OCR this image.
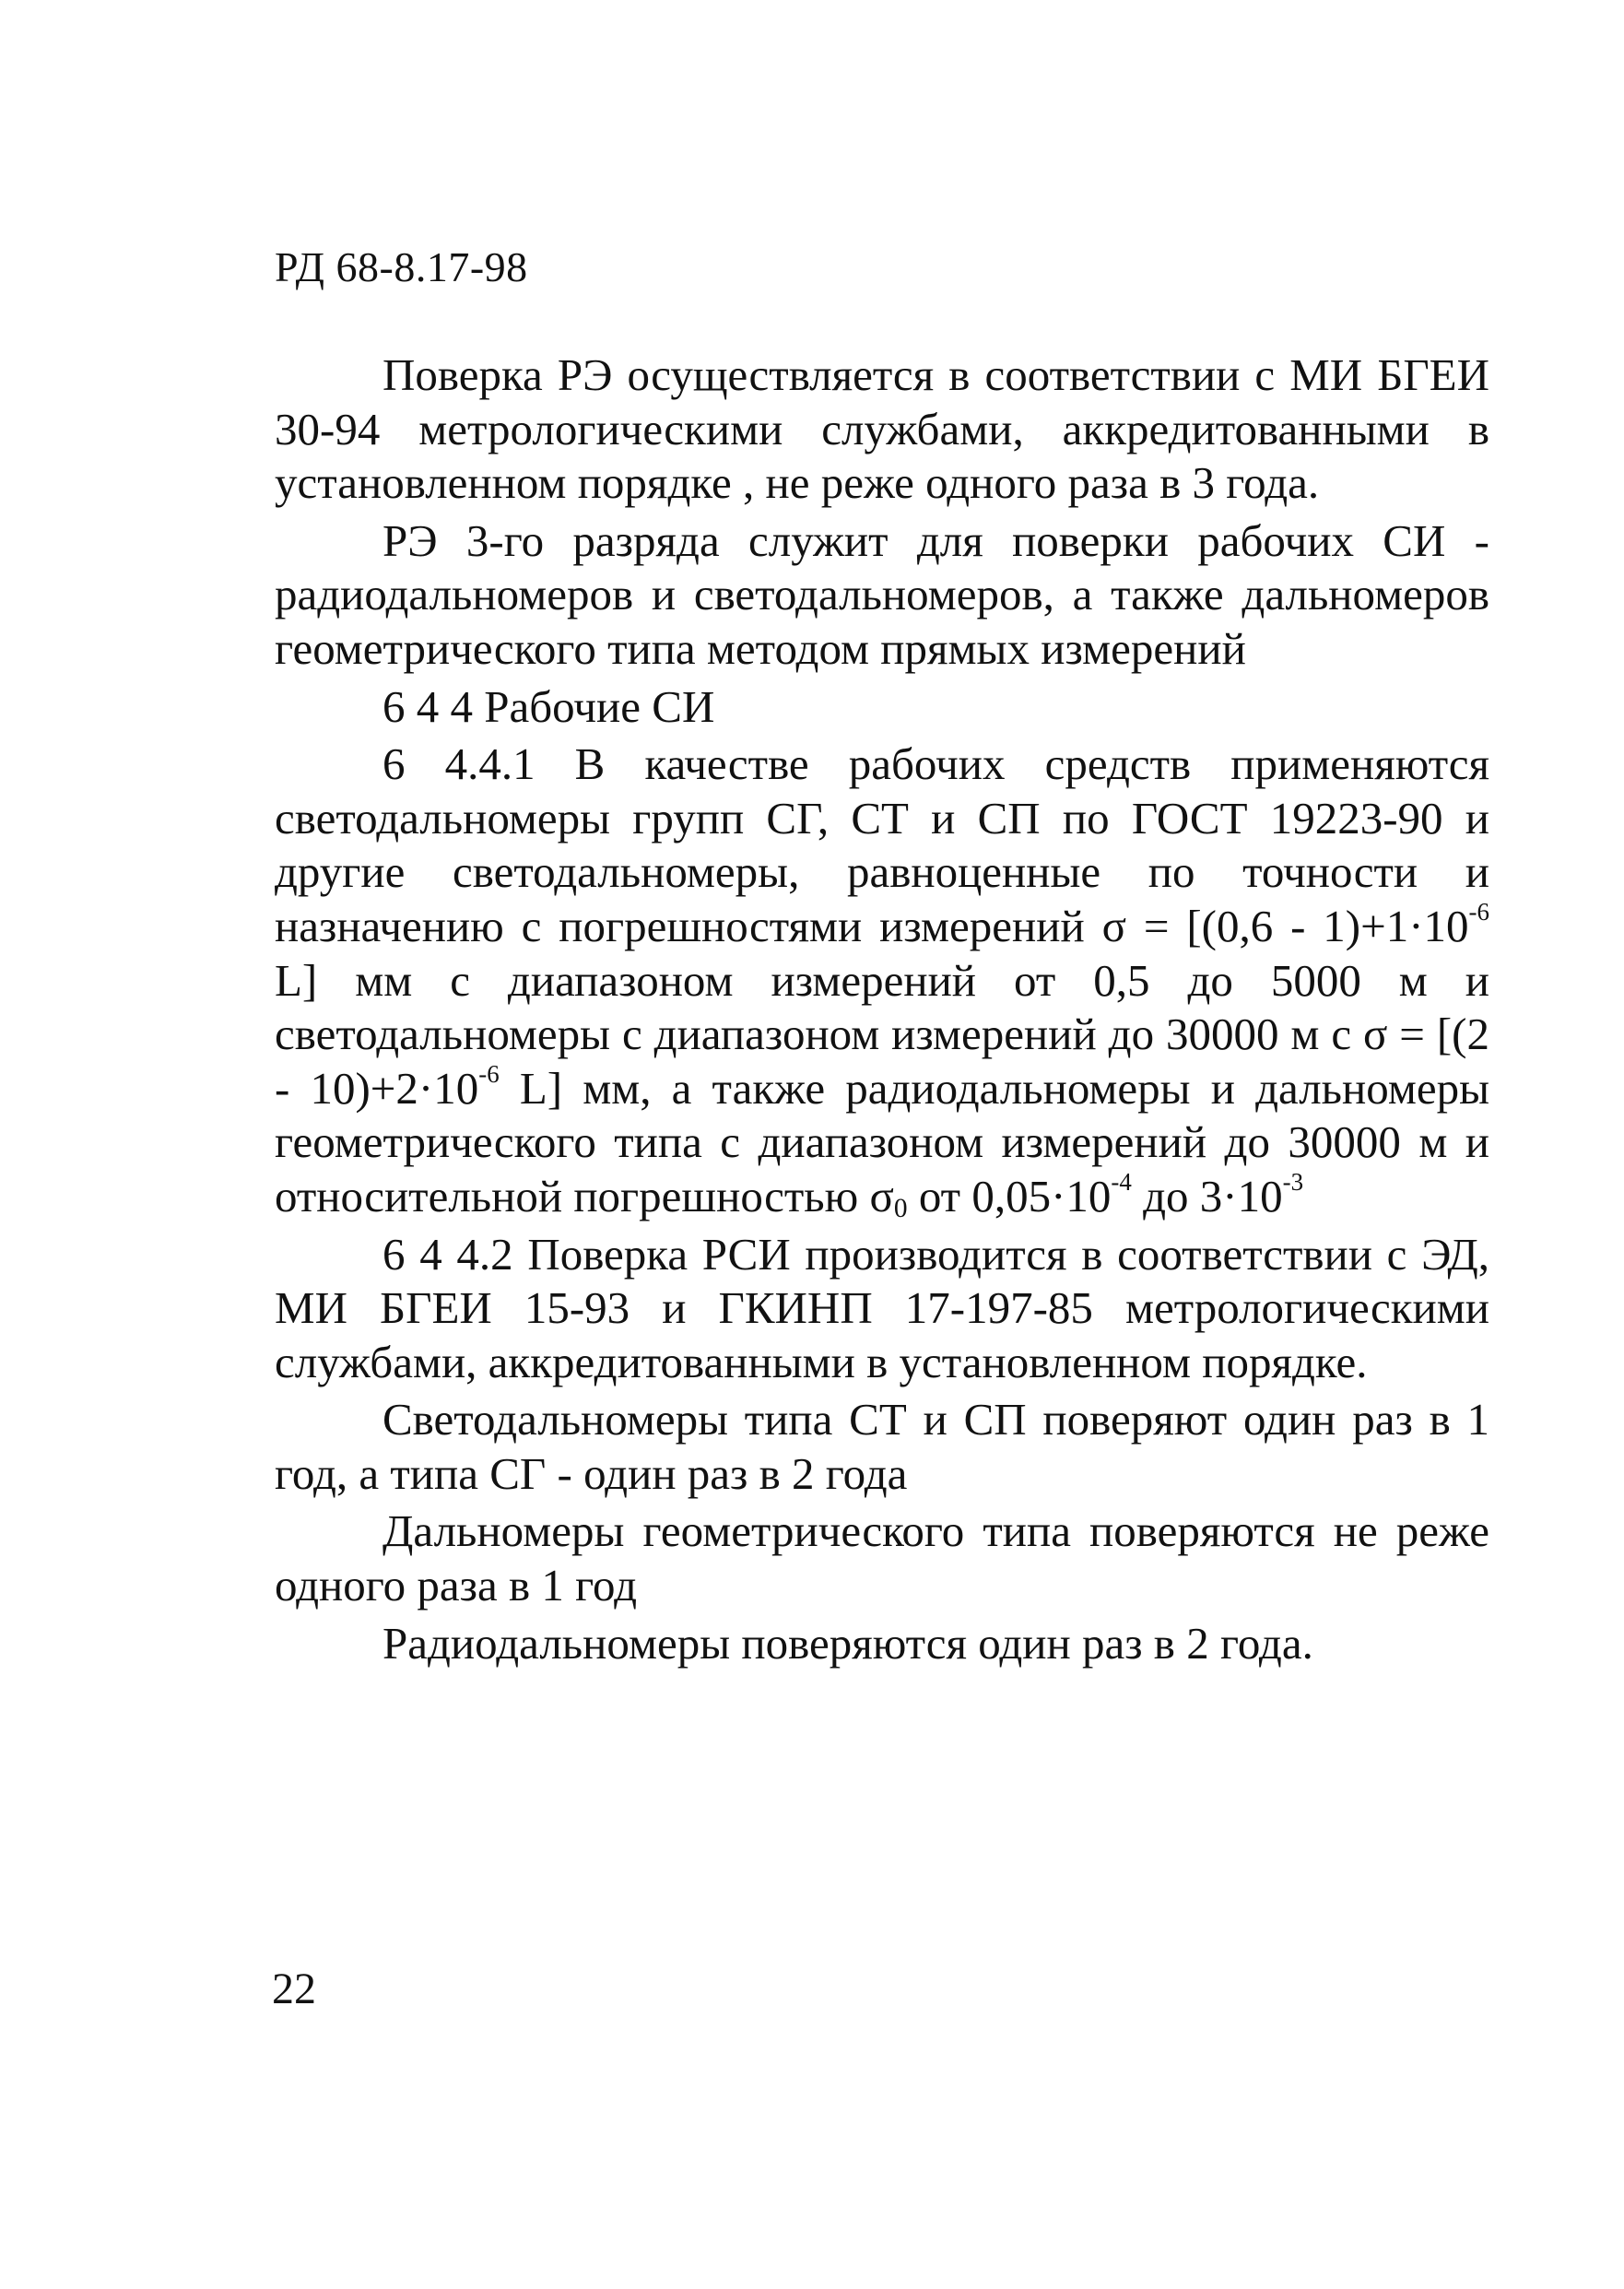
РД 68-8.17-98

Поверка РЭ осуществляется в соответствии с МИ БГЕИ 30-94 метрологическими службами, аккредитованными в установленном порядке , не реже одного раза в 3 года.

РЭ 3-го разряда служит для поверки рабочих СИ - радиодальномеров и светодальномеров, а также дальномеров геометрического типа методом прямых измерений

6 4 4 Рабочие СИ

6 4.4.1 В качестве рабочих средств применяются светодальномеры групп СГ, СТ и СП по ГОСТ 19223-90 и другие светодальномеры, равноценные по точности и назначению с погрешностями измерений $\sigma = [(0,6 - 1)+1\cdot 10^{-6}$ L] мм с диапазоном измерений от 0,5 до 5000 м и светодальномеры с диапазоном измерений до 30000 м с $\sigma = [(2 - 10)+2\cdot 10^{-6}$ L] мм, а также радиодальномеры и дальномеры геометрического типа с диапазоном измерений до 30000 м и относительной погрешностью $\sigma_0$ от $0,05\cdot 10^{-4}$ до $3\cdot 10^{-3}$

6 4 4.2 Поверка РСИ производится в соответствии с ЭД, МИ БГЕИ 15-93 и ГКИНП 17-197-85 метрологическими службами, аккредитованными в установленном порядке.

Светодальномеры типа СТ и СП поверяют один раз в 1 год, а типа СГ - один раз в 2 года

Дальномеры геометрического типа поверяются не реже одного раза в 1 год

Радиодальномеры поверяются один раз в 2 года.

22
